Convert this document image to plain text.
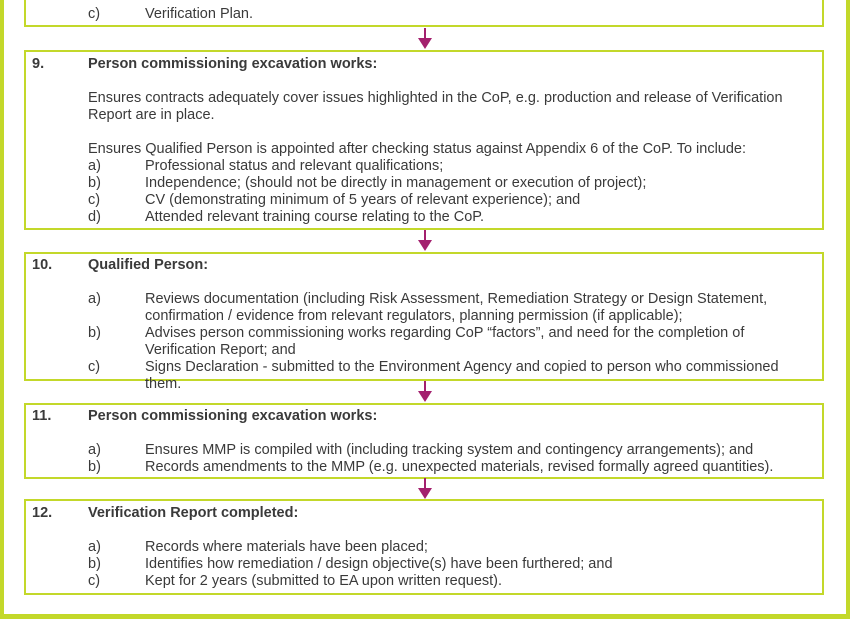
c)	Verification Plan.
9.	Person commissioning excavation works:
Ensures contracts adequately cover issues highlighted in the CoP, e.g. production and release of Verification Report are in place.
Ensures Qualified Person is appointed after checking status against Appendix 6 of the CoP. To include:
a)	Professional status and relevant qualifications;
b)	Independence; (should not be directly in management or execution of project);
c)	CV (demonstrating minimum of 5 years of relevant experience); and
d)	Attended relevant training course relating to the CoP.
10. Qualified Person:
a)	Reviews documentation (including Risk Assessment, Remediation Strategy or Design Statement, confirmation / evidence from relevant regulators, planning permission (if applicable);
b)	Advises person commissioning works regarding CoP “factors”, and need for the completion of Verification Report; and
c)	Signs Declaration - submitted to the Environment Agency and copied to person who commissioned them.
11.	Person commissioning excavation works:
a)	Ensures MMP is compiled with (including tracking system and contingency arrangements); and
b)	Records amendments to the MMP (e.g. unexpected materials, revised formally agreed quantities).
12. Verification Report completed:
a)	Records where materials have been placed;
b)	Identifies how remediation / design objective(s) have been furthered; and
c)	Kept for 2 years (submitted to EA upon written request).
